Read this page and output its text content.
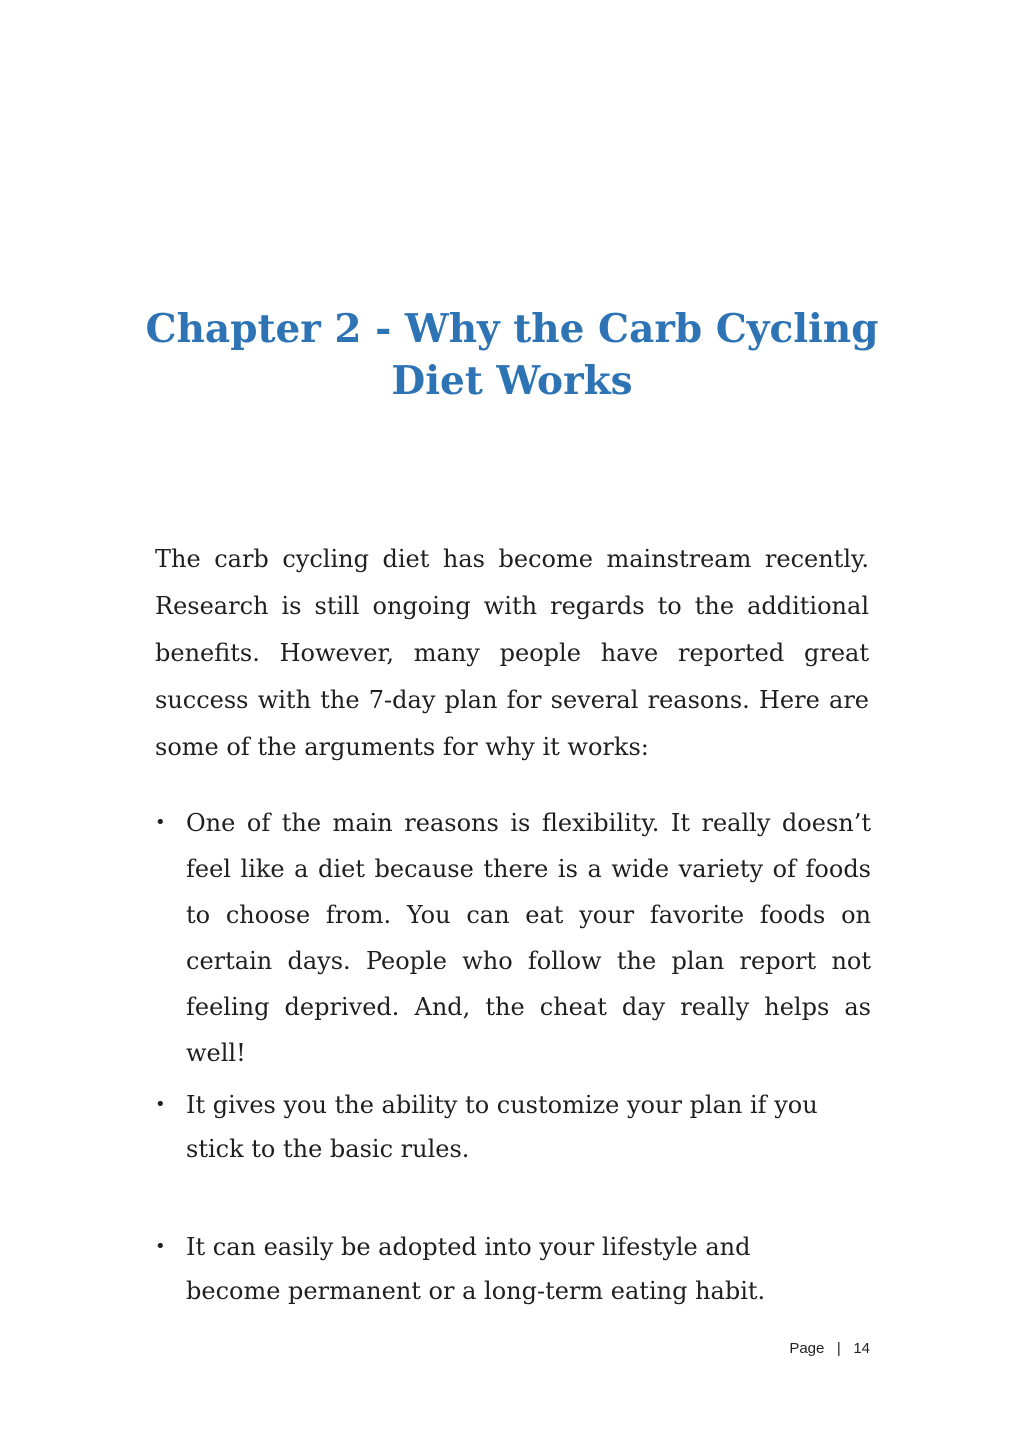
Chapter 2 - Why the Carb Cycling Diet Works

The carb cycling diet has become mainstream recently. Research is still ongoing with regards to the additional benefits. However, many people have reported great success with the 7-day plan for several reasons. Here are some of the arguments for why it works:

• One of the main reasons is flexibility. It really doesn’t feel like a diet because there is a wide variety of foods to choose from. You can eat your favorite foods on certain days. People who follow the plan report not feeling deprived. And, the cheat day really helps as well!
• It gives you the ability to customize your plan if you stick to the basic rules.
• It can easily be adopted into your lifestyle and become permanent or a long-term eating habit.
Page | 14
